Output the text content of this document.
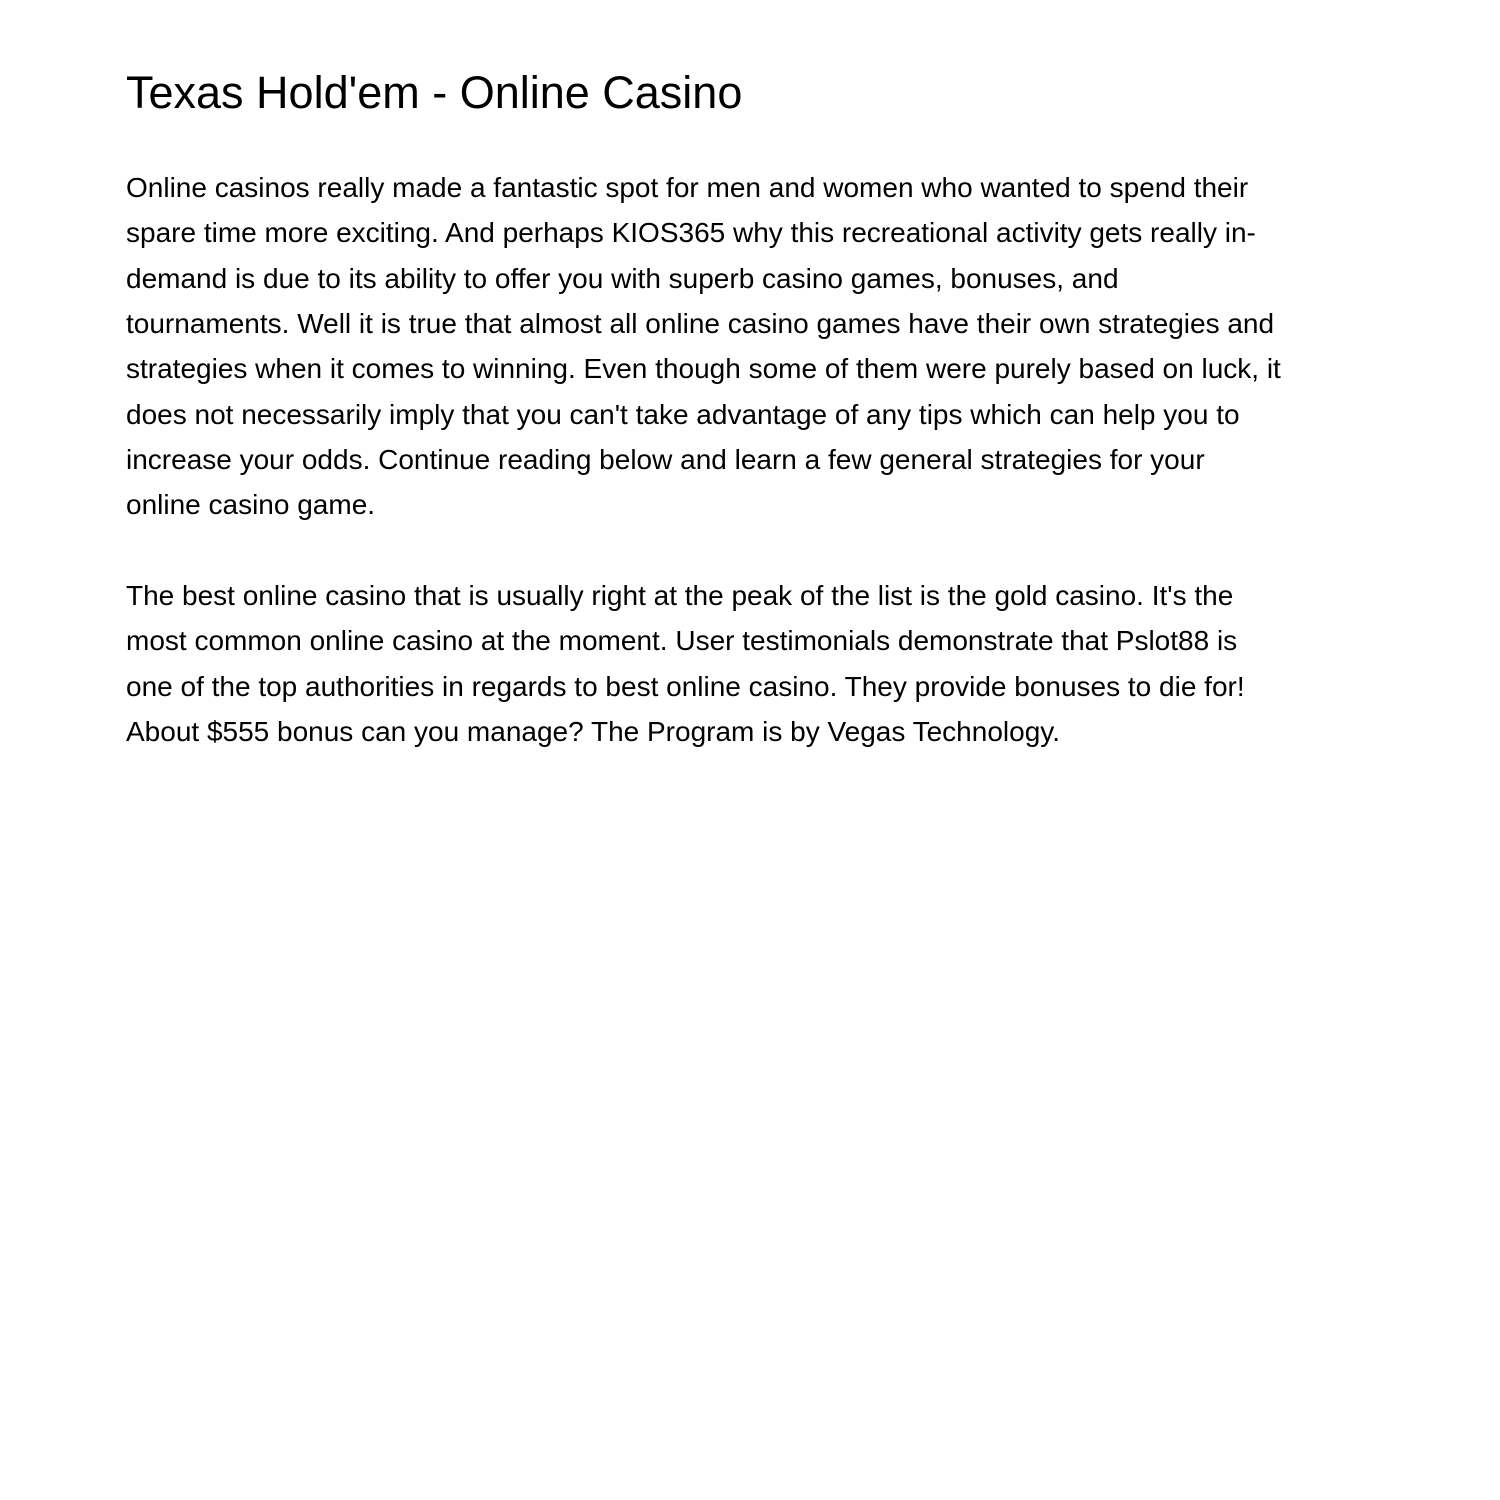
Texas Hold'em - Online Casino
Online casinos really made a fantastic spot for men and women who wanted to spend their
spare time more exciting. And perhaps KIOS365 why this recreational activity gets really in-
demand is due to its ability to offer you with superb casino games, bonuses, and
tournaments. Well it is true that almost all online casino games have their own strategies and
strategies when it comes to winning. Even though some of them were purely based on luck, it
does not necessarily imply that you can't take advantage of any tips which can help you to
increase your odds. Continue reading below and learn a few general strategies for your
online casino game.
The best online casino that is usually right at the peak of the list is the gold casino. It's the
most common online casino at the moment. User testimonials demonstrate that Pslot88 is
one of the top authorities in regards to best online casino. They provide bonuses to die for!
About $555 bonus can you manage? The Program is by Vegas Technology.
